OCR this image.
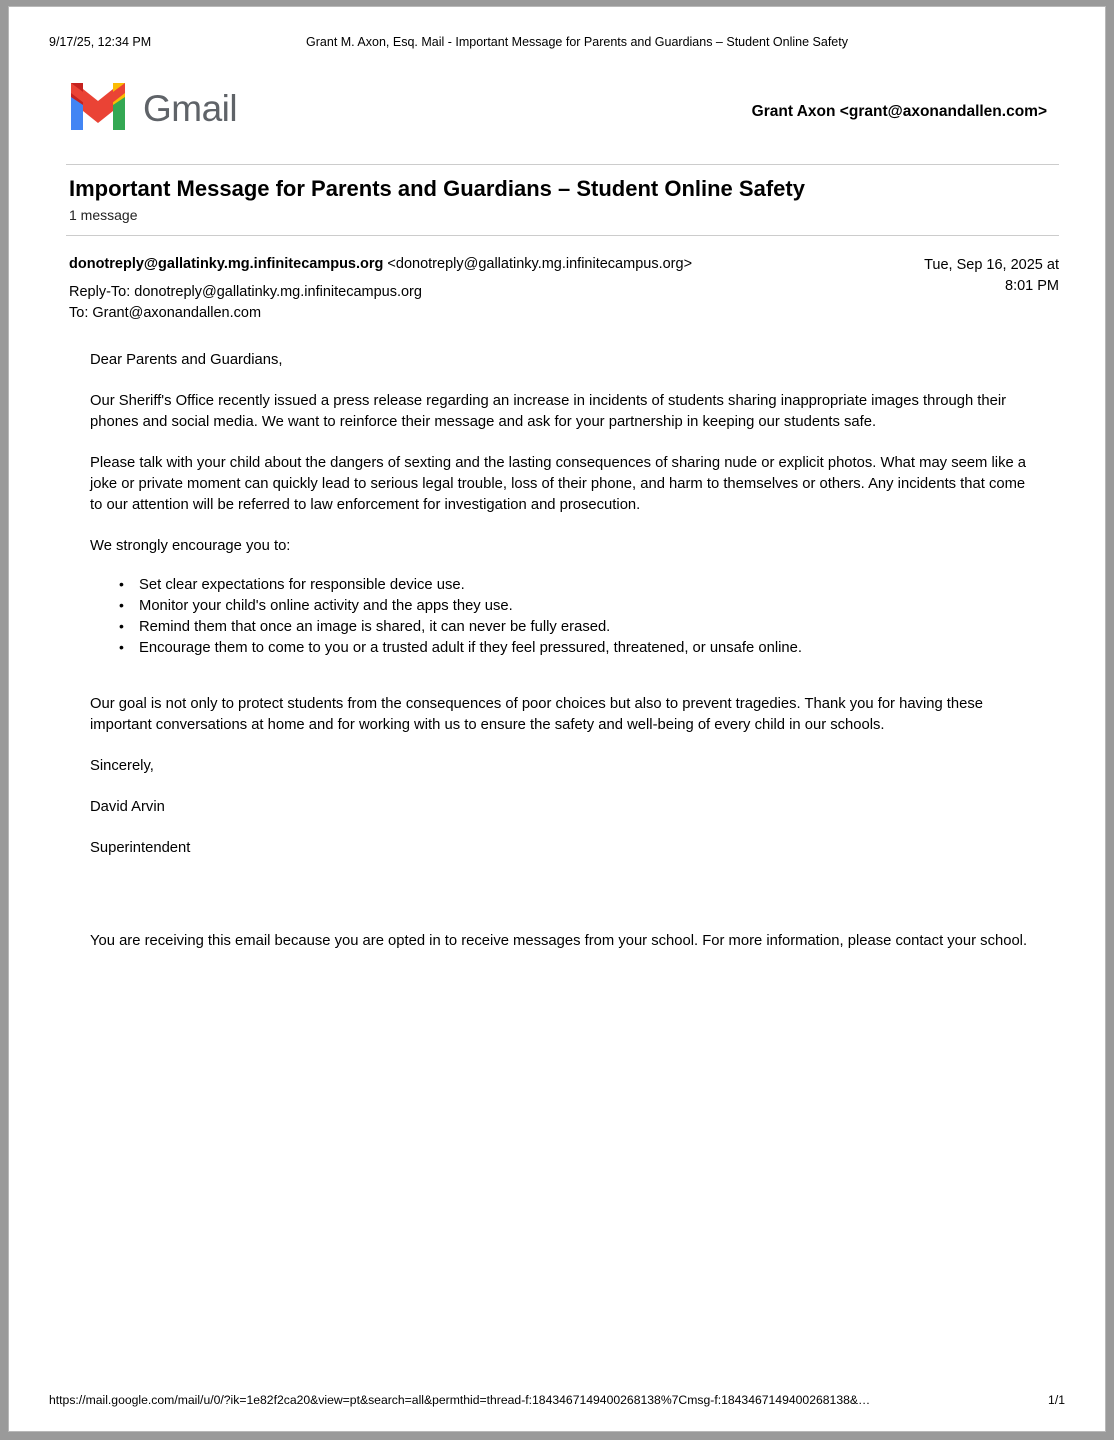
9/17/25, 12:34 PM	Grant M. Axon, Esq. Mail - Important Message for Parents and Guardians – Student Online Safety
Gmail	Grant Axon <grant@axonandallen.com>
Important Message for Parents and Guardians – Student Online Safety
1 message
donotreply@gallatinky.mg.infinitecampus.org <donotreply@gallatinky.mg.infinitecampus.org>
Reply-To: donotreply@gallatinky.mg.infinitecampus.org
To: Grant@axonandallen.com
Tue, Sep 16, 2025 at
8:01 PM

Dear Parents and Guardians,

Our Sheriff's Office recently issued a press release regarding an increase in incidents of students sharing inappropriate images through their phones and social media. We want to reinforce their message and ask for your partnership in keeping our students safe.

Please talk with your child about the dangers of sexting and the lasting consequences of sharing nude or explicit photos. What may seem like a joke or private moment can quickly lead to serious legal trouble, loss of their phone, and harm to themselves or others. Any incidents that come to our attention will be referred to law enforcement for investigation and prosecution.

We strongly encourage you to:

• Set clear expectations for responsible device use.
• Monitor your child's online activity and the apps they use.
• Remind them that once an image is shared, it can never be fully erased.
• Encourage them to come to you or a trusted adult if they feel pressured, threatened, or unsafe online.

Our goal is not only to protect students from the consequences of poor choices but also to prevent tragedies. Thank you for having these important conversations at home and for working with us to ensure the safety and well-being of every child in our schools.

Sincerely,

David Arvin

Superintendent

You are receiving this email because you are opted in to receive messages from your school. For more information, please contact your school.

https://mail.google.com/mail/u/0/?ik=1e82f2ca20&view=pt&search=all&permthid=thread-f:1843467149400268138%7Cmsg-f:1843467149400268138&…	1/1
